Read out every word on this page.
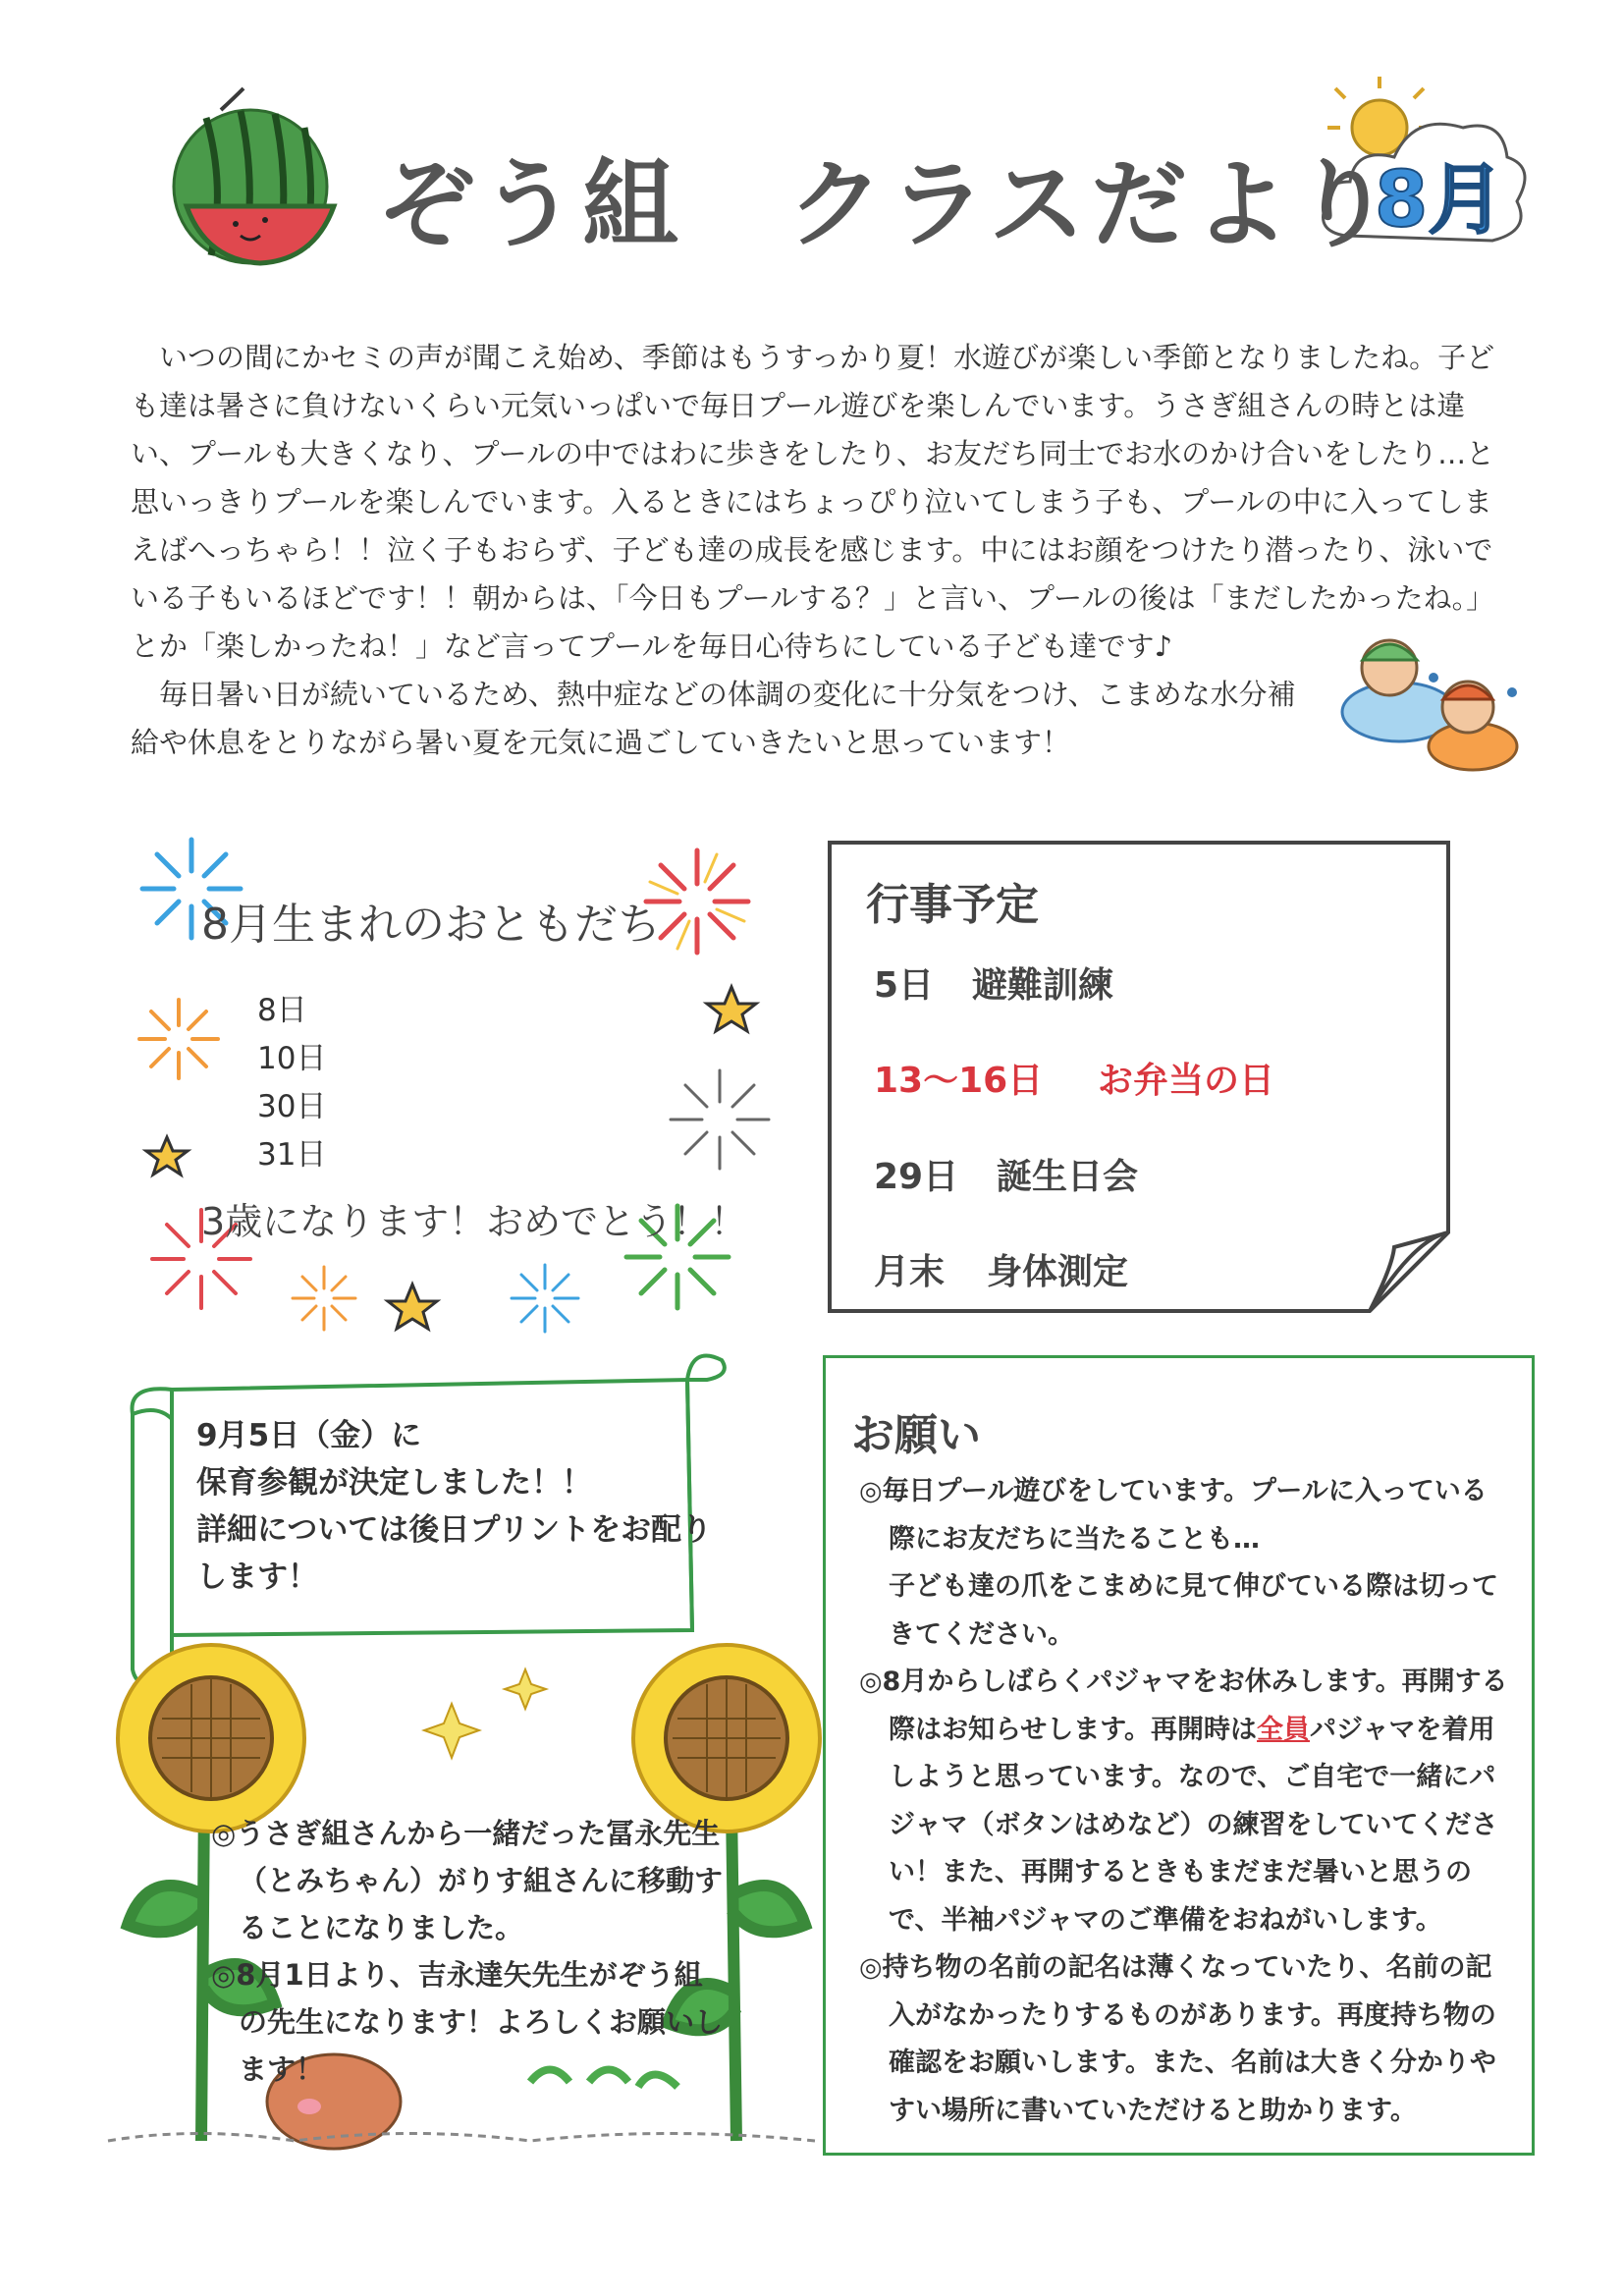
8月
ぞう組 クラスだより

いつの間にかセミの声が聞こえ始め、季節はもうすっかり夏！水遊びが楽しい季節となりましたね。子ども達は暑さに負けないくらい元気いっぱいで毎日プール遊びを楽しんでいます。うさぎ組さんの時とは違い、プールも大きくなり、プールの中ではわに歩きをしたり、お友だち同士でお水のかけ合いをしたり…と思いっきりプールを楽しんでいます。入るときにはちょっぴり泣いてしまう子も、プールの中に入ってしまえばへっちゃら！！泣く子もおらず、子ども達の成長を感じます。中にはお顔をつけたり潜ったり、泳いでいる子もいるほどです！！朝からは、「今日もプールする？」と言い、プールの後は「まだしたかったね。」とか「楽しかったね！」など言ってプールを毎日心待ちにしている子ども達です♪

毎日暑い日が続いているため、熱中症などの体調の変化に十分気をつけ、こまめな水分補給や休息をとりながら暑い夏を元気に過ごしていきたいと思っています！

8月生まれのおともだち
8日
10日
30日
31日
3歳になります！おめでとう！！
行事予定
5日 避難訓練
13～16日 お弁当の日
29日 誕生日会
月末 身体測定
9月5日（金）に
保育参観が決定しました！！
詳細については後日プリントをお配り
します！
◎うさぎ組さんから一緒だった冨永先生（とみちゃん）がりす組さんに移動することになりました。
◎8月1日より、吉永達矢先生がぞう組の先生になります！よろしくお願いします！
お願い
◎毎日プール遊びをしています。プールに入っている際にお友だちに当たることも…
子ども達の爪をこまめに見て伸びている際は切ってきてください。
◎8月からしばらくパジャマをお休みします。再開する際はお知らせします。再開時は全員パジャマを着用しようと思っています。なので、ご自宅で一緒にパジャマ（ボタンはめなど）の練習をしていてください！また、再開するときもまだまだ暑いと思うので、半袖パジャマのご準備をおねがいします。
◎持ち物の名前の記名は薄くなっていたり、名前の記入がなかったりするものがあります。再度持ち物の確認をお願いします。また、名前は大きく分かりやすい場所に書いていただけると助かります。
